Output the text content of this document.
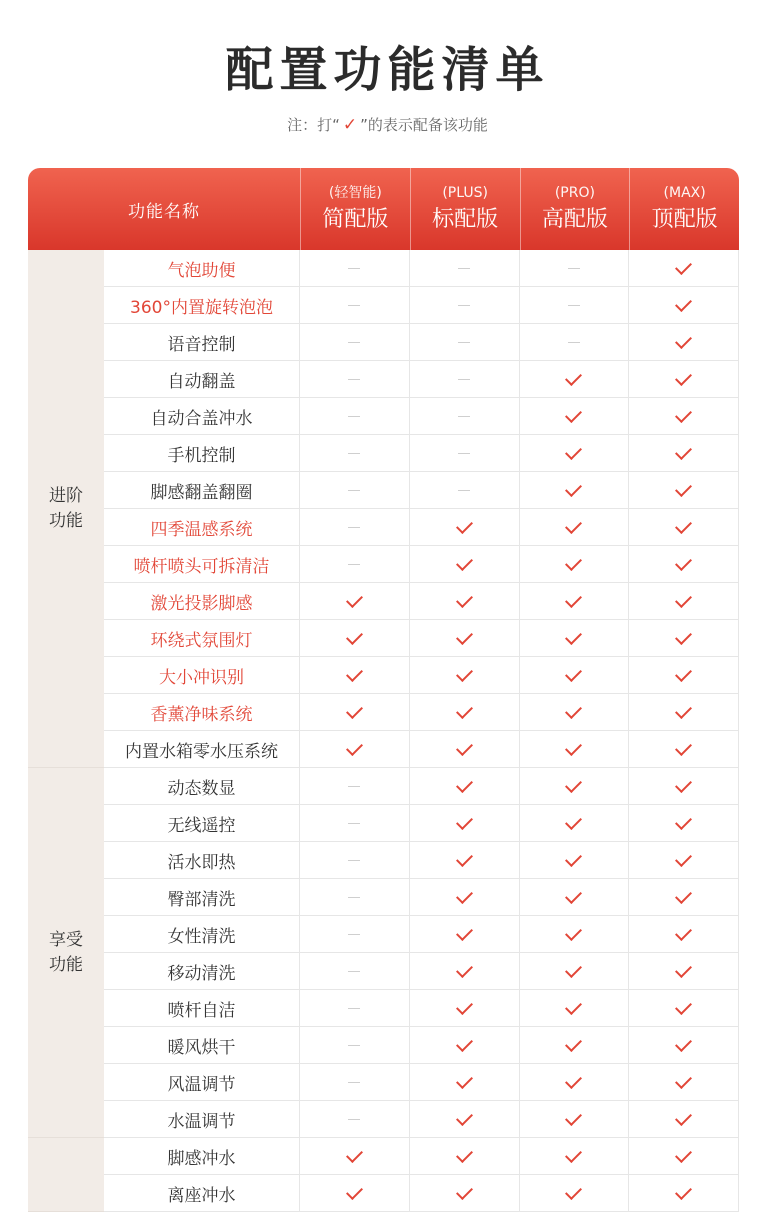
配置功能清单
注：打“ ✓ ”的表示配备该功能
功能名称
(轻智能)
简配版
(PLUS)
标配版
(PRO)
高配版
(MAX)
顶配版
进阶功能
气泡助便
360°内置旋转泡泡
语音控制
自动翻盖
自动合盖冲水
手机控制
脚感翻盖翻圈
四季温感系统
喷杆喷头可拆清洁
激光投影脚感
环绕式氛围灯
大小冲识别
香薰净味系统
内置水箱零水压系统
享受功能
动态数显
无线遥控
活水即热
臀部清洗
女性清洗
移动清洗
喷杆自洁
暖风烘干
风温调节
水温调节
脚感冲水
离座冲水
